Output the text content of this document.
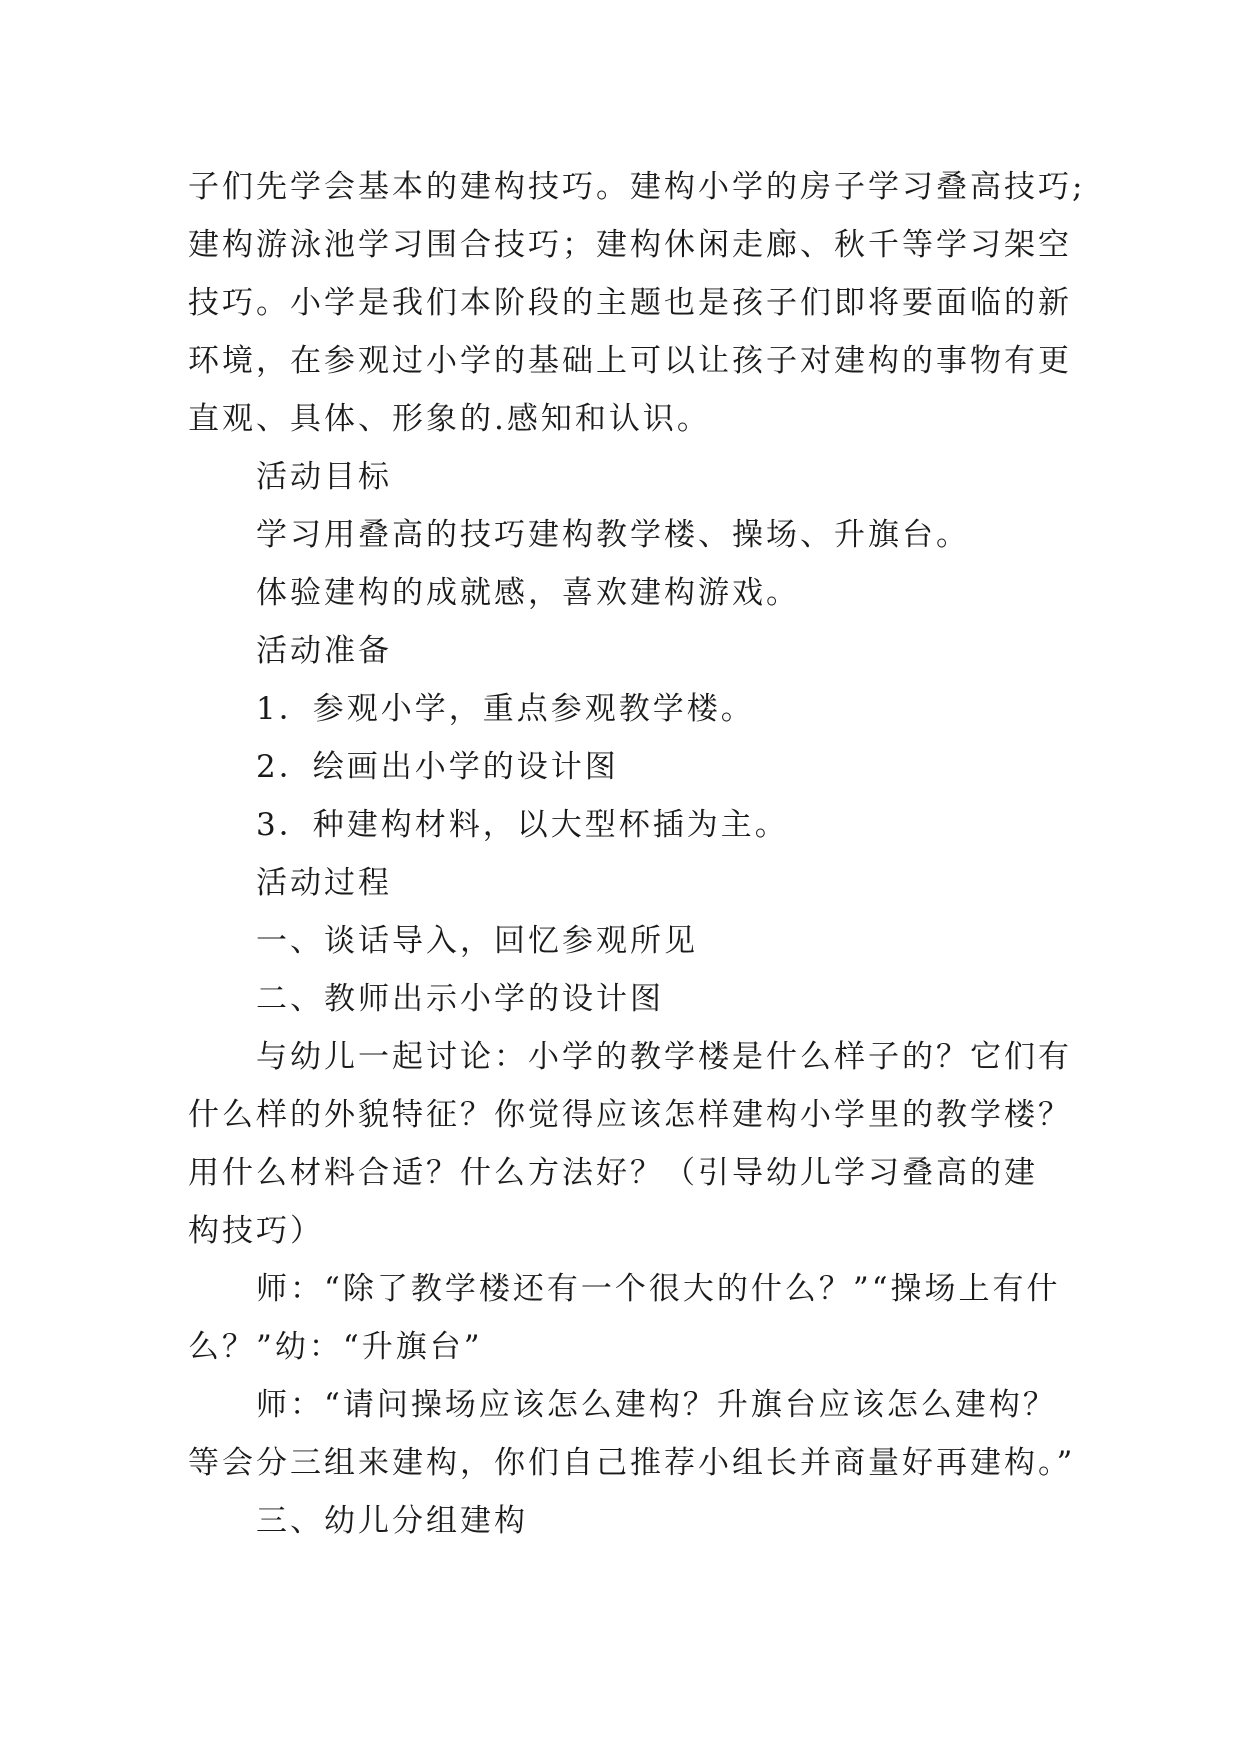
子们先学会基本的建构技巧。建构小学的房子学习叠高技巧;
建构游泳池学习围合技巧；建构休闲走廊、秋千等学习架空
技巧。小学是我们本阶段的主题也是孩子们即将要面临的新
环境，在参观过小学的基础上可以让孩子对建构的事物有更
直观、具体、形象的.感知和认识。
活动目标
学习用叠高的技巧建构教学楼、操场、升旗台。
体验建构的成就感，喜欢建构游戏。
活动准备
1．参观小学，重点参观教学楼。
2．绘画出小学的设计图
3．种建构材料，以大型杯插为主。
活动过程
一、谈话导入，回忆参观所见
二、教师出示小学的设计图
与幼儿一起讨论：小学的教学楼是什么样子的？它们有
什么样的外貌特征？你觉得应该怎样建构小学里的教学楼？
用什么材料合适？什么方法好？（引导幼儿学习叠高的建
构技巧）
师：“除了教学楼还有一个很大的什么？”“操场上有什
么？”幼：“升旗台”
师：“请问操场应该怎么建构？升旗台应该怎么建构？
等会分三组来建构，你们自己推荐小组长并商量好再建构。”
三、幼儿分组建构
